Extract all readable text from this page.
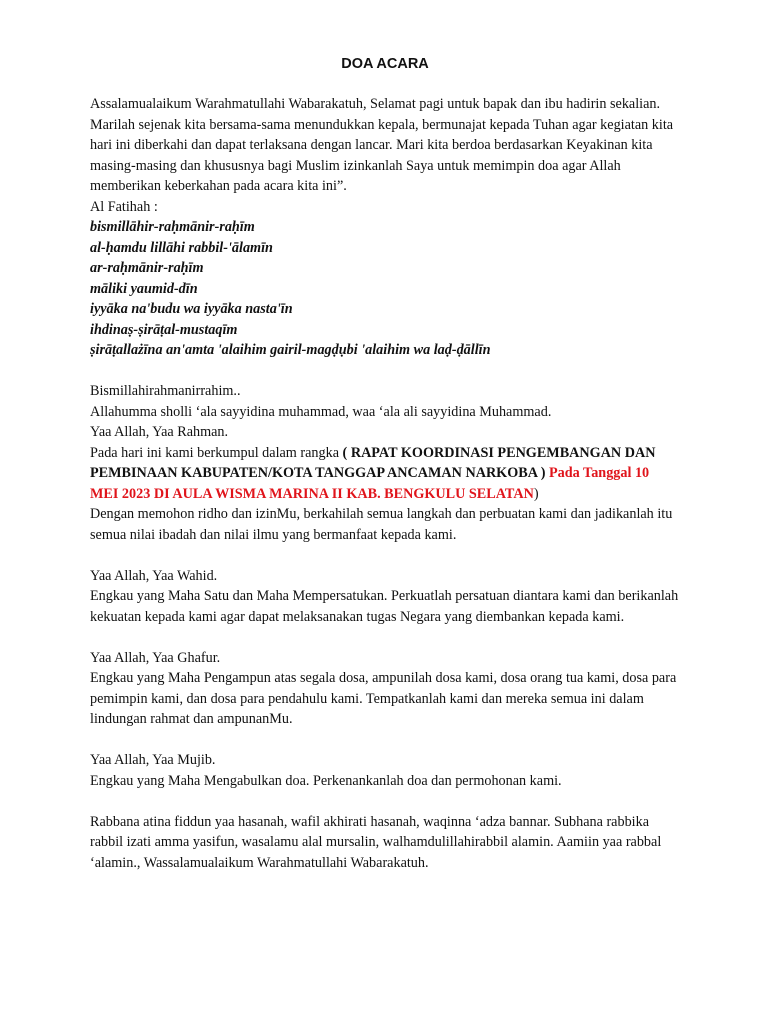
DOA ACARA

Assalamualaikum Warahmatullahi Wabarakatuh, Selamat pagi untuk bapak dan ibu hadirin sekalian. Marilah sejenak kita bersama-sama menundukkan kepala, bermunajat kepada Tuhan agar kegiatan kita hari ini diberkahi dan dapat terlaksana dengan lancar. Mari kita berdoa berdasarkan Keyakinan kita masing-masing dan khususnya bagi Muslim izinkanlah Saya untuk memimpin doa agar Allah memberikan keberkahan pada acara kita ini”.

Al Fatihah :

bismillāhir-raḥmānir-raḥīm
al-ḥamdu lillāhi rabbil-'ālamīn
ar-raḥmānir-raḥīm
māliki yaumid-dīn
iyyāka na'budu wa iyyāka nasta'īn
ihdinaṣ-ṣirāṭal-mustaqīm
ṣirāṭallażīna an'amta 'alaihim gairil-magḍụbi 'alaihim wa laḍ-ḍāllīn

Bismillahirahmanirrahim..

Allahumma sholli ‘ala sayyidina muhammad, waa ‘ala ali sayyidina Muhammad.

Yaa Allah, Yaa Rahman.

Pada hari ini kami berkumpul dalam rangka ( RAPAT KOORDINASI PENGEMBANGAN DAN PEMBINAAN KABUPATEN/KOTA TANGGAP ANCAMAN NARKOBA ) Pada Tanggal 10 MEI 2023 DI AULA WISMA MARINA II KAB. BENGKULU SELATAN)

Dengan memohon ridho dan izinMu, berkahilah semua langkah dan perbuatan kami dan jadikanlah itu semua nilai ibadah dan nilai ilmu yang bermanfaat kepada kami.

Yaa Allah, Yaa Wahid.

Engkau yang Maha Satu dan Maha Mempersatukan. Perkuatlah persatuan diantara kami dan berikanlah kekuatan kepada kami agar dapat melaksanakan tugas Negara yang diembankan kepada kami.

Yaa Allah, Yaa Ghafur.

Engkau yang Maha Pengampun atas segala dosa, ampunilah dosa kami, dosa orang tua kami, dosa para pemimpin kami, dan dosa para pendahulu kami. Tempatkanlah kami dan mereka semua ini dalam lindungan rahmat dan ampunanMu.

Yaa Allah, Yaa Mujib.

Engkau yang Maha Mengabulkan doa. Perkenankanlah doa dan permohonan kami.

Rabbana atina fiddun yaa hasanah, wafil akhirati hasanah, waqinna ‘adza bannar. Subhana rabbika rabbil izati amma yasifun, wasalamu alal mursalin, walhamdulillahirabbil alamin. Aamiin yaa rabbal ‘alamin., Wassalamualaikum Warahmatullahi Wabarakatuh.
